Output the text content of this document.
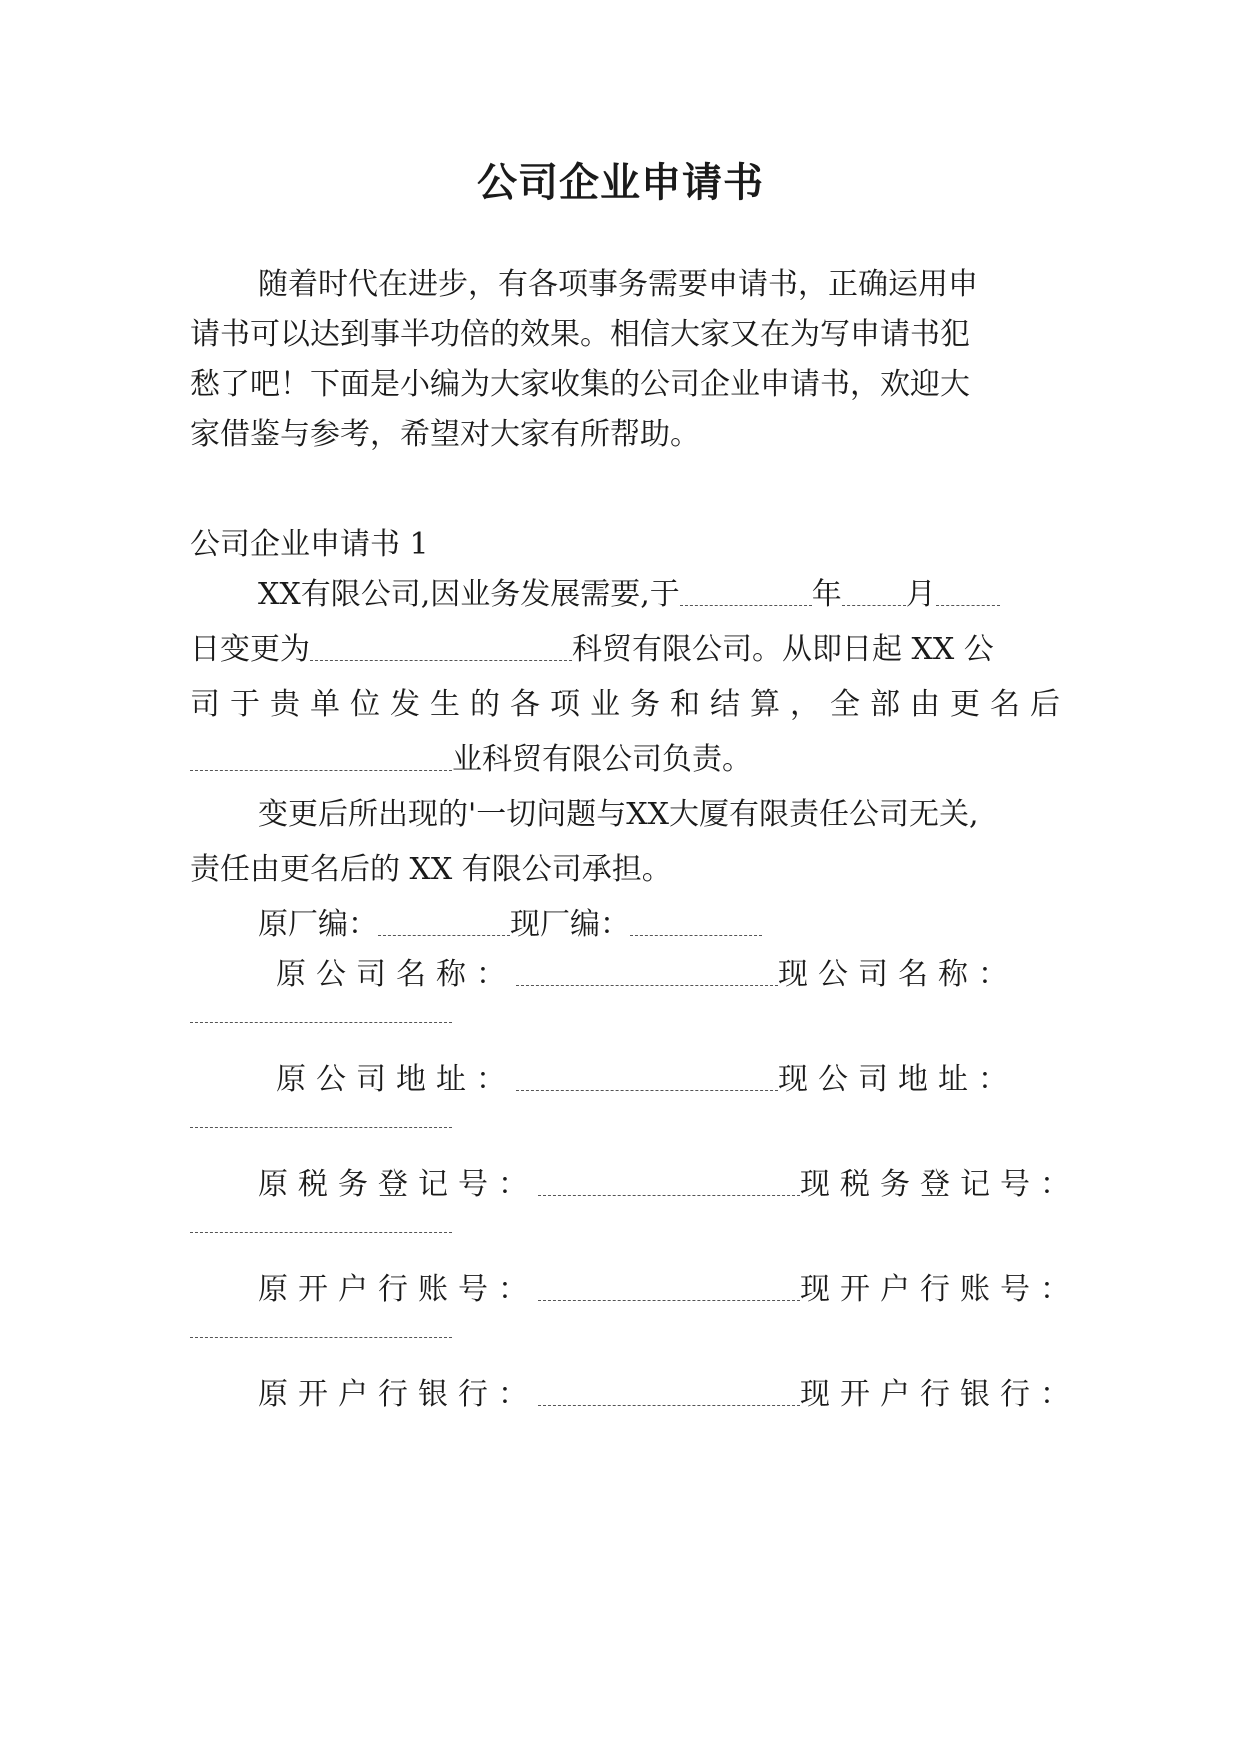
公司企业申请书
随着时代在进步，有各项事务需要申请书，正确运用申
请书可以达到事半功倍的效果。相信大家又在为写申请书犯
愁了吧！下面是小编为大家收集的公司企业申请书，欢迎大
家借鉴与参考，希望对大家有所帮助。
公司企业申请书 1
XX有限公司,因业务发展需要,于	年 月
日变更为	科贸有限公司。从即日起 XX 公
司于贵单位发生的各项业务和结算，全部由更名后
业科贸有限公司负责。
变更后所出现的'一切问题与XX大厦有限责任公司无关,
责任由更名后的 XX 有限公司承担。
原厂编：	现厂编：
原公司名称：	现公司名称：
原公司地址：	现公司地址：
原税务登记号：	现税务登记号：
原开户行账号：	现开户行账号：
原开户行银行：	现开户行银行：
